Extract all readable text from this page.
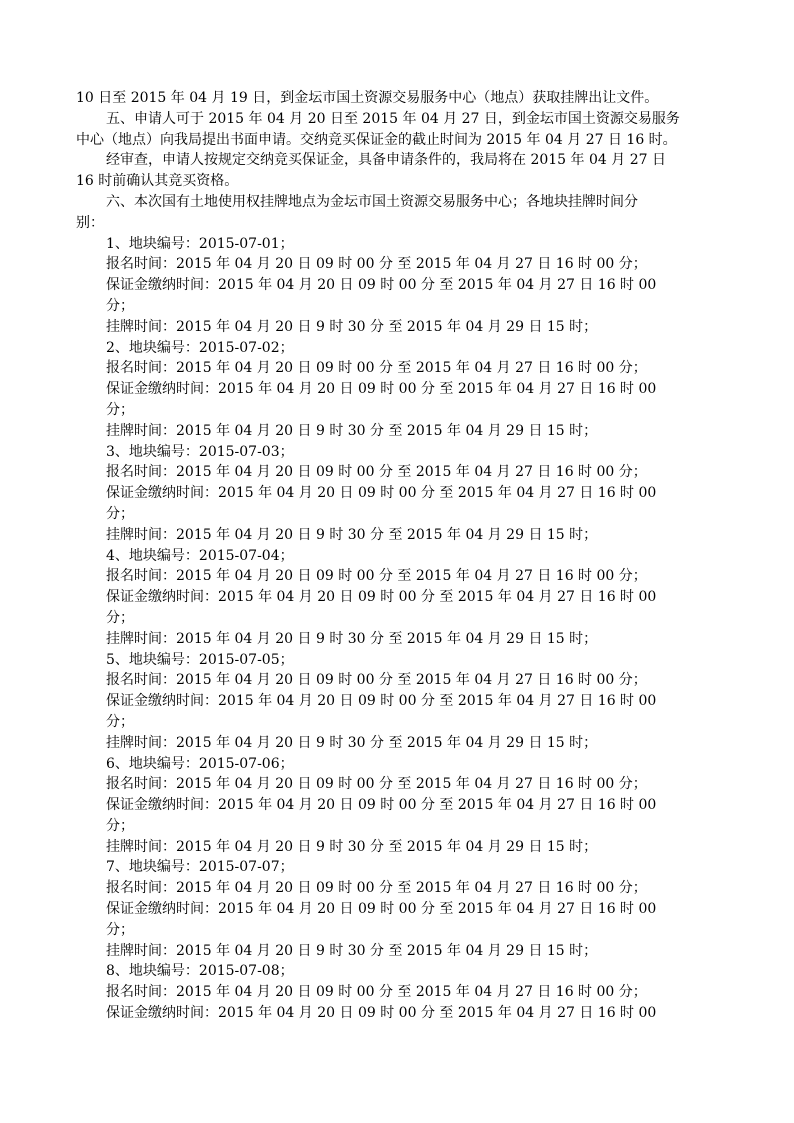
10 日至 2015 年 04 月 19 日，到金坛市国土资源交易服务中心（地点）获取挂牌出让文件。
五、申请人可于 2015 年 04 月 20 日至 2015 年 04 月 27 日，到金坛市国土资源交易服务
中心（地点）向我局提出书面申请。交纳竞买保证金的截止时间为 2015 年 04 月 27 日 16 时。
经审查，申请人按规定交纳竞买保证金，具备申请条件的，我局将在 2015 年 04 月 27 日
16 时前确认其竞买资格。
六、本次国有土地使用权挂牌地点为金坛市国土资源交易服务中心；各地块挂牌时间分
别：
1、地块编号：2015-07-01；
报名时间：2015 年 04 月 20 日 09 时 00 分 至 2015 年 04 月 27 日 16 时 00 分；
保证金缴纳时间：2015 年 04 月 20 日 09 时 00 分 至 2015 年 04 月 27 日 16 时 00
分；
挂牌时间：2015 年 04 月 20 日 9 时 30 分 至 2015 年 04 月 29 日 15 时；
2、地块编号：2015-07-02；
报名时间：2015 年 04 月 20 日 09 时 00 分 至 2015 年 04 月 27 日 16 时 00 分；
保证金缴纳时间：2015 年 04 月 20 日 09 时 00 分 至 2015 年 04 月 27 日 16 时 00
分；
挂牌时间：2015 年 04 月 20 日 9 时 30 分 至 2015 年 04 月 29 日 15 时；
3、地块编号：2015-07-03；
报名时间：2015 年 04 月 20 日 09 时 00 分 至 2015 年 04 月 27 日 16 时 00 分；
保证金缴纳时间：2015 年 04 月 20 日 09 时 00 分 至 2015 年 04 月 27 日 16 时 00
分；
挂牌时间：2015 年 04 月 20 日 9 时 30 分 至 2015 年 04 月 29 日 15 时；
4、地块编号：2015-07-04；
报名时间：2015 年 04 月 20 日 09 时 00 分 至 2015 年 04 月 27 日 16 时 00 分；
保证金缴纳时间：2015 年 04 月 20 日 09 时 00 分 至 2015 年 04 月 27 日 16 时 00
分；
挂牌时间：2015 年 04 月 20 日 9 时 30 分 至 2015 年 04 月 29 日 15 时；
5、地块编号：2015-07-05；
报名时间：2015 年 04 月 20 日 09 时 00 分 至 2015 年 04 月 27 日 16 时 00 分；
保证金缴纳时间：2015 年 04 月 20 日 09 时 00 分 至 2015 年 04 月 27 日 16 时 00
分；
挂牌时间：2015 年 04 月 20 日 9 时 30 分 至 2015 年 04 月 29 日 15 时；
6、地块编号：2015-07-06；
报名时间：2015 年 04 月 20 日 09 时 00 分 至 2015 年 04 月 27 日 16 时 00 分；
保证金缴纳时间：2015 年 04 月 20 日 09 时 00 分 至 2015 年 04 月 27 日 16 时 00
分；
挂牌时间：2015 年 04 月 20 日 9 时 30 分 至 2015 年 04 月 29 日 15 时；
7、地块编号：2015-07-07；
报名时间：2015 年 04 月 20 日 09 时 00 分 至 2015 年 04 月 27 日 16 时 00 分；
保证金缴纳时间：2015 年 04 月 20 日 09 时 00 分 至 2015 年 04 月 27 日 16 时 00
分；
挂牌时间：2015 年 04 月 20 日 9 时 30 分 至 2015 年 04 月 29 日 15 时；
8、地块编号：2015-07-08；
报名时间：2015 年 04 月 20 日 09 时 00 分 至 2015 年 04 月 27 日 16 时 00 分；
保证金缴纳时间：2015 年 04 月 20 日 09 时 00 分 至 2015 年 04 月 27 日 16 时 00
